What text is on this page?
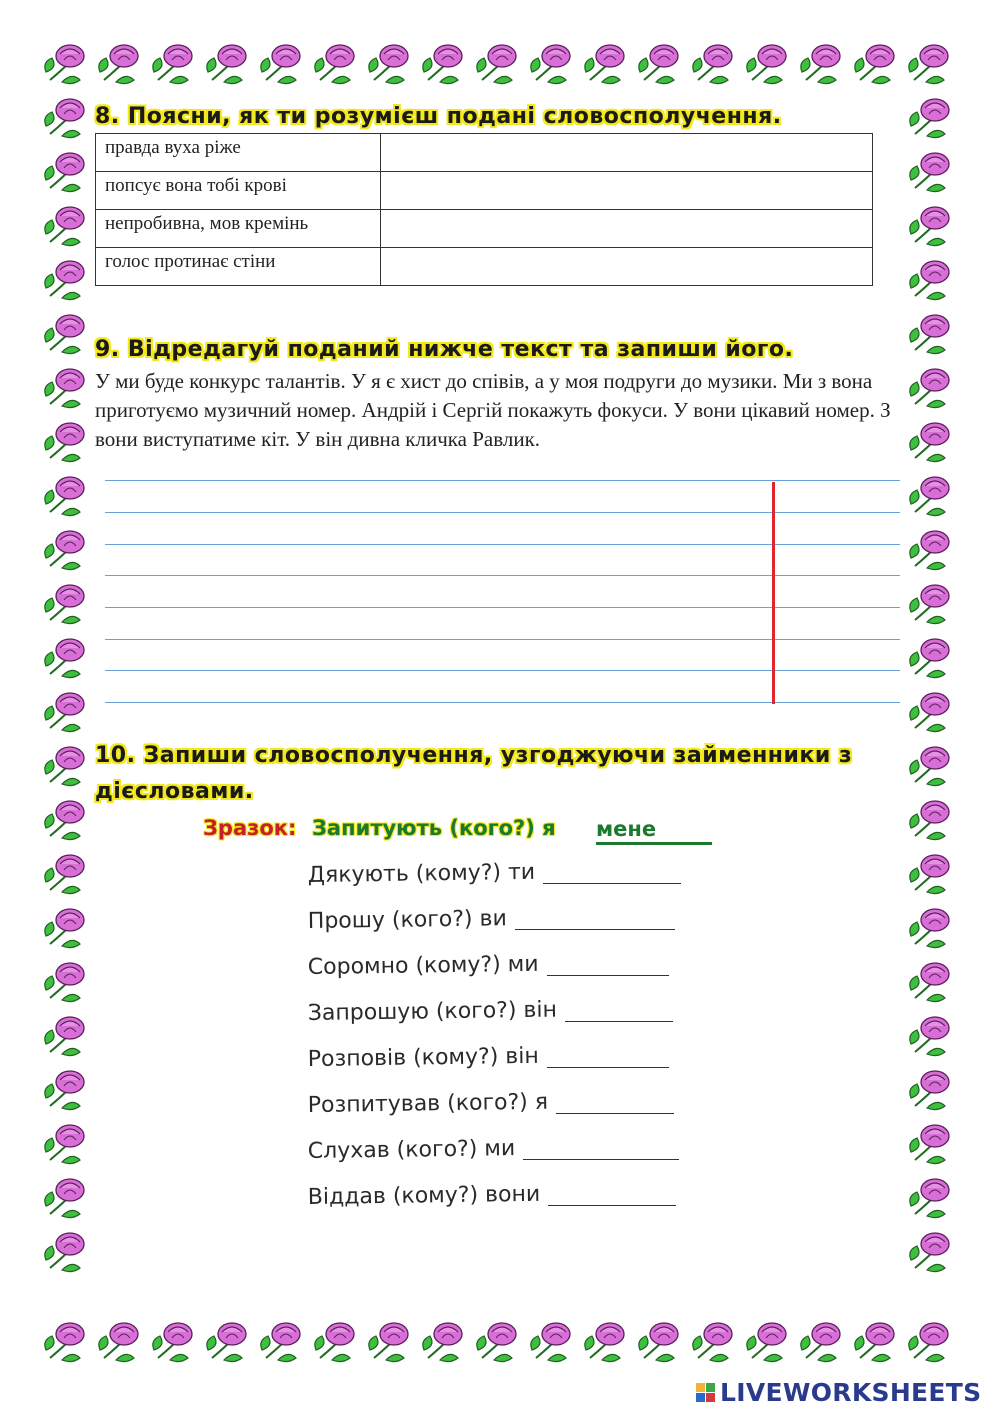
8. Поясни, як ти розумієш подані словосполучення.
правда вуха ріже	
попсує вона тобі крові	
непробивна, мов кремінь	
голос протинає стіни	
9. Відредагуй поданий нижче текст та запиши його.
У ми буде конкурс талантів. У я є хист до співів, а у моя подруги до музики. Ми з вона приготуємо музичний номер. Андрій і Сергій покажуть фокуси. У вони цікавий номер. З вони виступатиме кіт. У він дивна кличка Равлик.
10. Запиши словосполучення, узгоджуючи займенники з
дієсловами.
Зразок: Запитують (кого?) я мене
Дякують (кому?) ти
Прошу (кого?) ви
Соромно (кому?) ми
Запрошую (кого?) він
Розповів (кому?) він
Розпитував (кого?) я
Слухав (кого?) ми
Віддав (кому?) вони
LIVEWORKSHEETS
